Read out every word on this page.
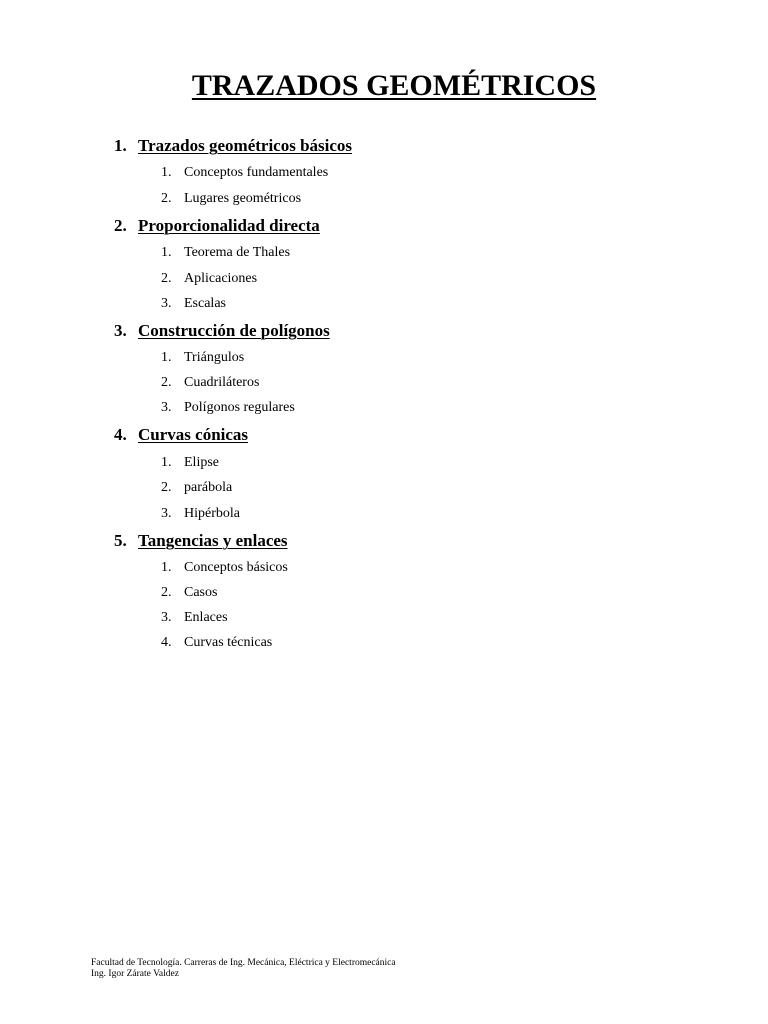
TRAZADOS GEOMÉTRICOS
1. Trazados geométricos básicos
1. Conceptos fundamentales
2. Lugares geométricos
2. Proporcionalidad directa
1. Teorema de Thales
2. Aplicaciones
3. Escalas
3. Construcción de polígonos
1. Triángulos
2. Cuadriláteros
3. Polígonos regulares
4. Curvas cónicas
1. Elipse
2. parábola
3. Hipérbola
5. Tangencias y enlaces
1. Conceptos básicos
2. Casos
3. Enlaces
4. Curvas técnicas
Facultad de Tecnología. Carreras de Ing. Mecánica, Eléctrica y Electromecánica
Ing. Igor Zárate Valdez
